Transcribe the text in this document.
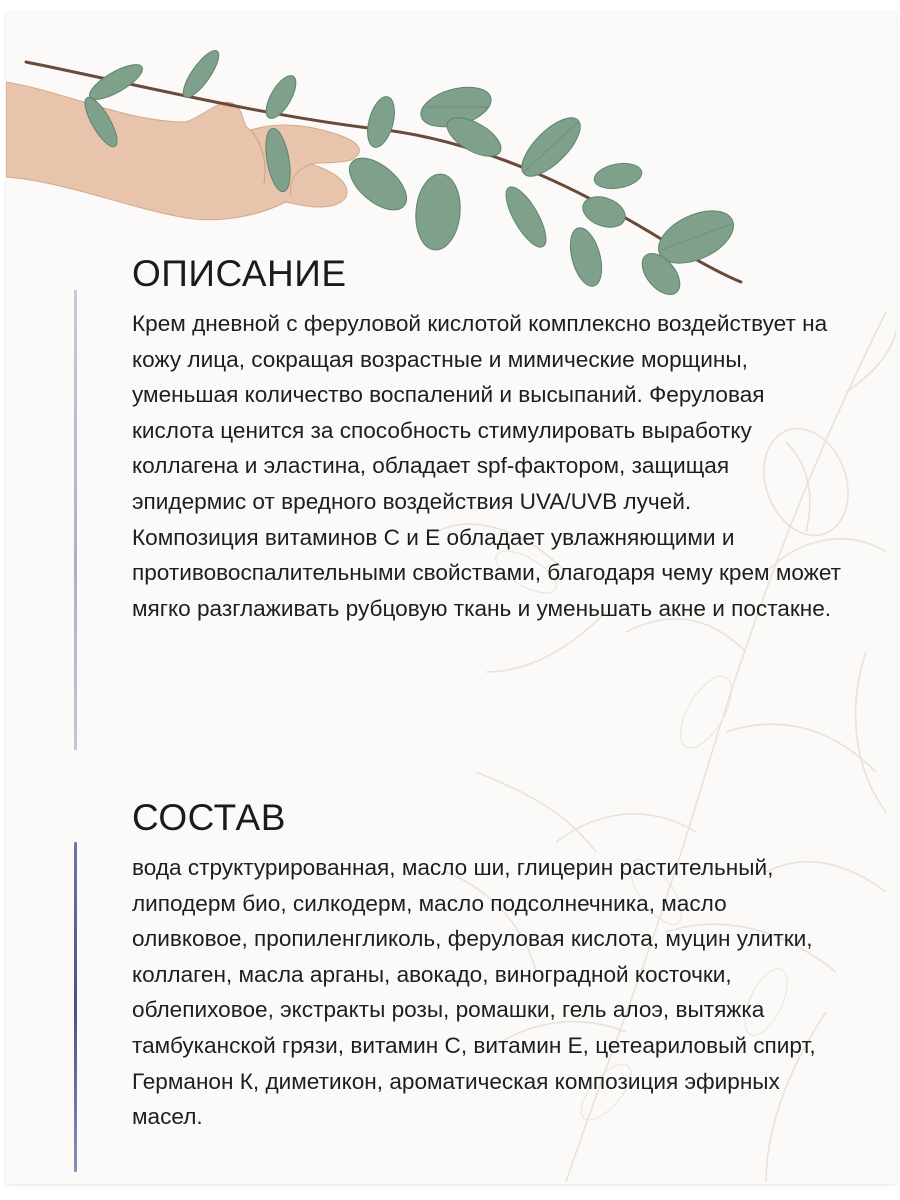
ОПИСАНИЕ

Крем дневной с феруловой кислотой комплексно воздействует на кожу лица, сокращая возрастные и мимические морщины, уменьшая количество воспалений и высыпаний. Феруловая кислота ценится за способность стимулировать выработку коллагена и эластина, обладает spf-фактором, защищая эпидермис от вредного воздействия UVA/UVB лучей.

Композиция витаминов С и Е обладает увлажняющими и противовоспалительными свойствами, благодаря чему крем может мягко разглаживать рубцовую ткань и уменьшать акне и постакне.

СОСТАВ

вода структурированная, масло ши, глицерин растительный, липодерм био, силкодерм, масло подсолнечника, масло оливковое, пропиленгликоль, феруловая кислота, муцин улитки, коллаген, масла арганы, авокадо, виноградной косточки, облепиховое, экстракты розы, ромашки, гель алоэ, вытяжка тамбуканской грязи, витамин С, витамин Е, цетеариловый спирт, Германон К, диметикон, ароматическая композиция эфирных масел.
